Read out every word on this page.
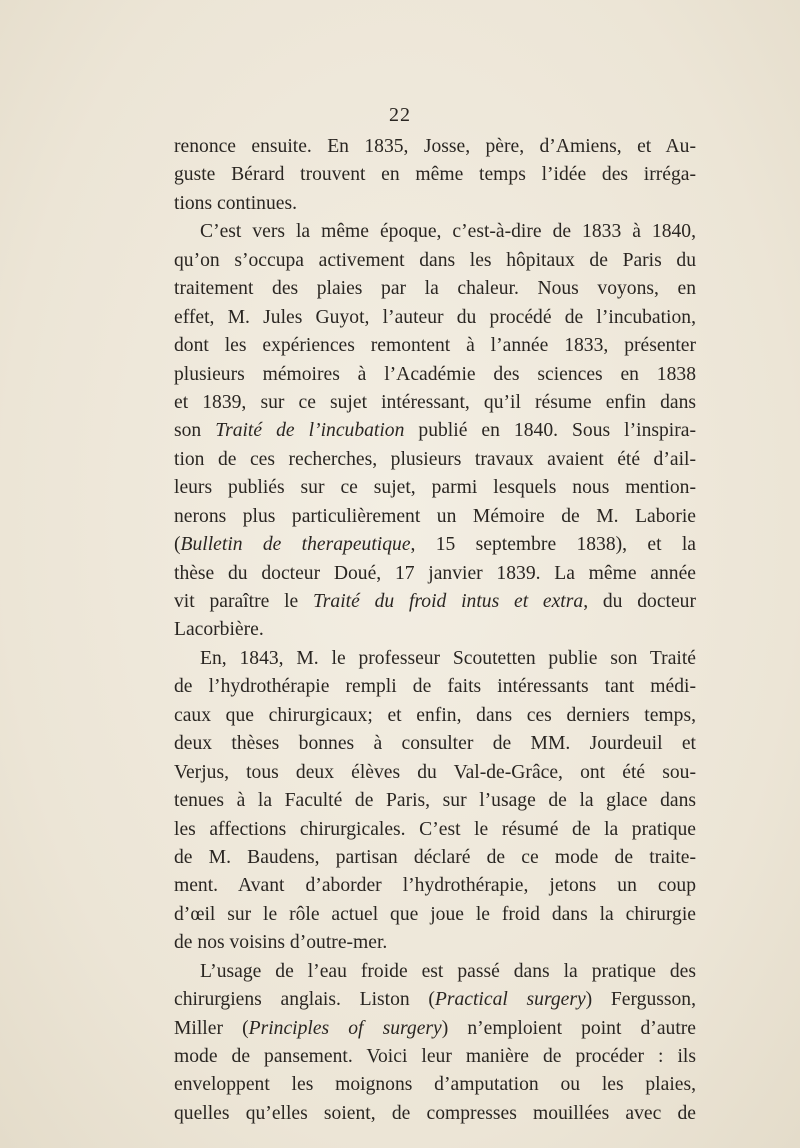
22
renonce ensuite. En 1835, Josse, père, d’Amiens, et Au-
guste Bérard trouvent en même temps l’idée des irréga-
tions continues.
C’est vers la même époque, c’est-à-dire de 1833 à 1840,
qu’on s’occupa activement dans les hôpitaux de Paris du
traitement des plaies par la chaleur. Nous voyons, en
effet, M. Jules Guyot, l’auteur du procédé de l’incubation,
dont les expériences remontent à l’année 1833, présenter
plusieurs mémoires à l’Académie des sciences en 1838
et 1839, sur ce sujet intéressant, qu’il résume enfin dans
son Traité de l’incubation publié en 1840. Sous l’inspira-
tion de ces recherches, plusieurs travaux avaient été d’ail-
leurs publiés sur ce sujet, parmi lesquels nous mention-
nerons plus particulièrement un Mémoire de M. Laborie
(Bulletin de therapeutique, 15 septembre 1838), et la
thèse du docteur Doué, 17 janvier 1839. La même année
vit paraître le Traité du froid intus et extra, du docteur
Lacorbière.
En, 1843, M. le professeur Scoutetten publie son Traité
de l’hydrothérapie rempli de faits intéressants tant médi-
caux que chirurgicaux; et enfin, dans ces derniers temps,
deux thèses bonnes à consulter de MM. Jourdeuil et
Verjus, tous deux élèves du Val-de-Grâce, ont été sou-
tenues à la Faculté de Paris, sur l’usage de la glace dans
les affections chirurgicales. C’est le résumé de la pratique
de M. Baudens, partisan déclaré de ce mode de traite-
ment. Avant d’aborder l’hydrothérapie, jetons un coup
d’œil sur le rôle actuel que joue le froid dans la chirurgie
de nos voisins d’outre-mer.
L’usage de l’eau froide est passé dans la pratique des
chirurgiens anglais. Liston (Practical surgery) Fergusson,
Miller (Principles of surgery) n’emploient point d’autre
mode de pansement. Voici leur manière de procéder : ils
enveloppent les moignons d’amputation ou les plaies,
quelles qu’elles soient, de compresses mouillées avec de
